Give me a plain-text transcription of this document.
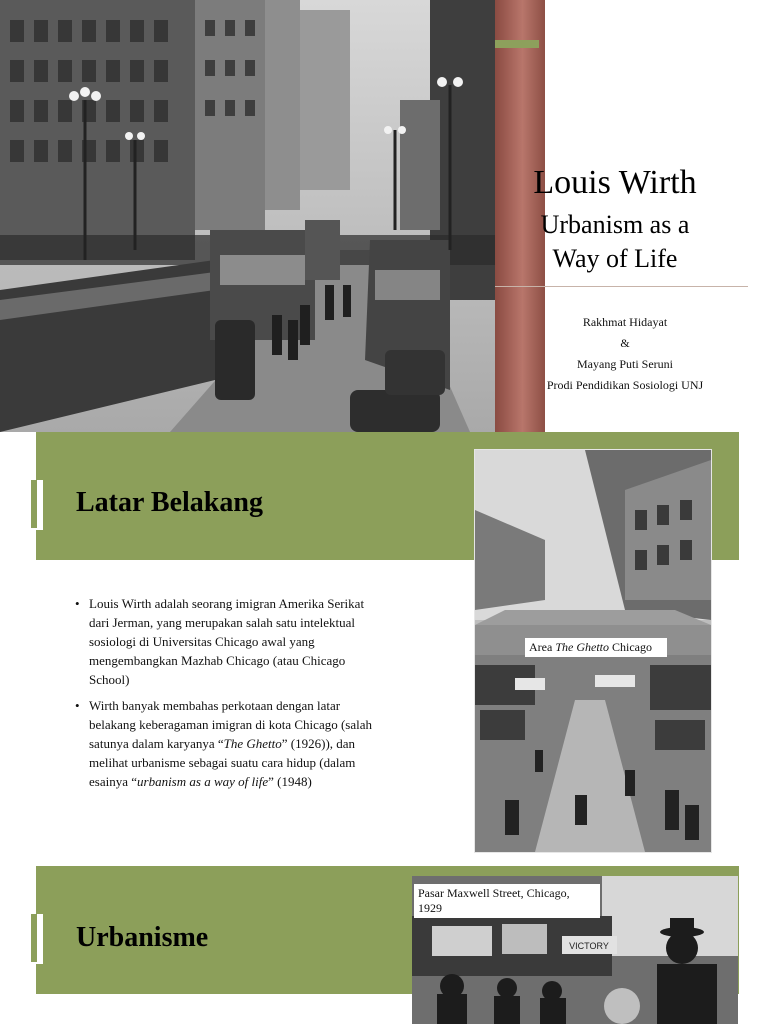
Louis Wirth
Urbanism as a
Way of Life
Rakhmat Hidayat
&
Mayang Puti Seruni
Prodi Pendidikan Sosiologi UNJ
Latar Belakang
• Louis Wirth adalah seorang imigran Amerika Serikat dari Jerman, yang merupakan salah satu intelektual sosiologi di Universitas Chicago awal yang mengembangkan Mazhab Chicago (atau Chicago School)
• Wirth banyak membahas perkotaan dengan latar belakang keberagaman imigran di kota Chicago (salah satunya dalam karyanya “The Ghetto” (1926)), dan melihat urbanisme sebagai suatu cara hidup (dalam esainya “urbanism as a way of life” (1948)
Area The Ghetto Chicago
Urbanisme	VICTORY
Pasar Maxwell Street, Chicago, 1929
